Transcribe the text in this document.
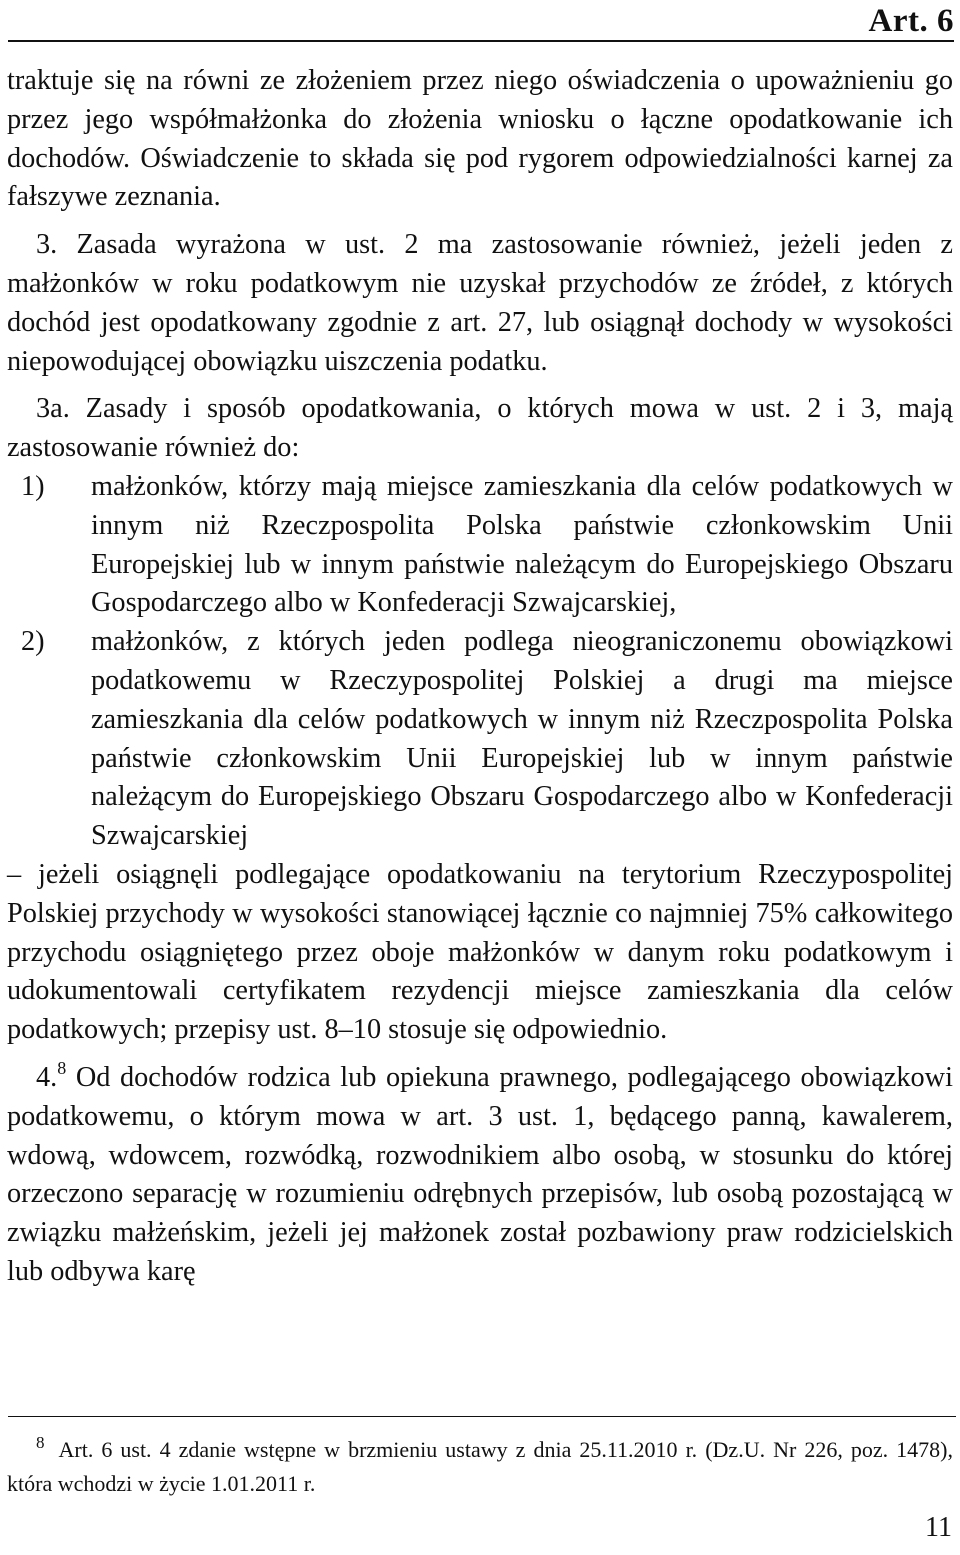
Art. 6

traktuje się na równi ze złożeniem przez niego oświadczenia o upoważnieniu go przez jego współmałżonka do złożenia wniosku o łączne opodatkowanie ich dochodów. Oświadczenie to składa się pod rygorem odpowiedzialności karnej za fałszywe zeznania.

3. Zasada wyrażona w ust. 2 ma zastosowanie również, jeżeli jeden z małżonków w roku podatkowym nie uzyskał przychodów ze źródeł, z których dochód jest opodatkowany zgodnie z art. 27, lub osiągnął dochody w wysokości niepowodującej obowiązku uiszczenia podatku.

3a. Zasady i sposób opodatkowania, o których mowa w ust. 2 i 3, mają zastosowanie również do:

1) małżonków, którzy mają miejsce zamieszkania dla celów podatkowych w innym niż Rzeczpospolita Polska państwie członkowskim Unii Europejskiej lub w innym państwie należącym do Europejskiego Obszaru Gospodarczego albo w Konfederacji Szwajcarskiej,
2) małżonków, z których jeden podlega nieograniczonemu obowiązkowi podatkowemu w Rzeczypospolitej Polskiej a drugi ma miejsce zamieszkania dla celów podatkowych w innym niż Rzeczpospolita Polska państwie członkowskim Unii Europejskiej lub w innym państwie należącym do Europejskiego Obszaru Gospodarczego albo w Konfederacji Szwajcarskiej

– jeżeli osiągnęli podlegające opodatkowaniu na terytorium Rzeczypospolitej Polskiej przychody w wysokości stanowiącej łącznie co najmniej 75% całkowitego przychodu osiągniętego przez oboje małżonków w danym roku podatkowym i udokumentowali certyfikatem rezydencji miejsce zamieszkania dla celów podatkowych; przepisy ust. 8–10 stosuje się odpowiednio.

4.$^8$ Od dochodów rodzica lub opiekuna prawnego, podlegającego obowiązkowi podatkowemu, o którym mowa w art. 3 ust. 1, będącego panną, kawalerem, wdową, wdowcem, rozwódką, rozwodnikiem albo osobą, w stosunku do której orzeczono separację w rozumieniu odrębnych przepisów, lub osobą pozostającą w związku małżeńskim, jeżeli jej małżonek został pozbawiony praw rodzicielskich lub odbywa karę

$^8$ Art. 6 ust. 4 zdanie wstępne w brzmieniu ustawy z dnia 25.11.2010 r. (Dz.U. Nr 226, poz. 1478), która wchodzi w życie 1.01.2011 r.
11
